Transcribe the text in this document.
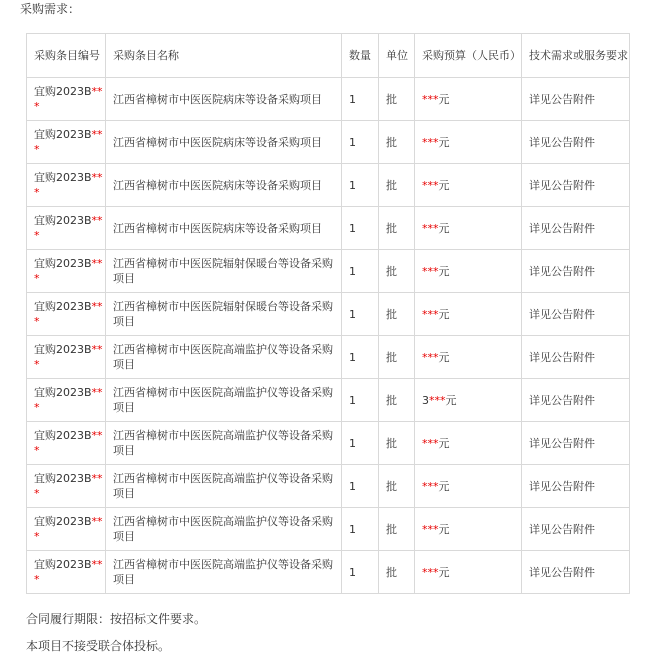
采购需求：
采购条目编号	采购条目名称	数量	单位	采购预算（人民币）	技术需求或服务要求
宜购2023B**
*	江西省樟树市中医医院病床等设备采购项目	1	批	***元	详见公告附件
宜购2023B**
*	江西省樟树市中医医院病床等设备采购项目	1	批	***元	详见公告附件
宜购2023B**
*	江西省樟树市中医医院病床等设备采购项目	1	批	***元	详见公告附件
宜购2023B**
*	江西省樟树市中医医院病床等设备采购项目	1	批	***元	详见公告附件
宜购2023B**
*	江西省樟树市中医医院辐射保暖台等设备采购项目	1	批	***元	详见公告附件
宜购2023B**
*	江西省樟树市中医医院辐射保暖台等设备采购项目	1	批	***元	详见公告附件
宜购2023B**
*	江西省樟树市中医医院高端监护仪等设备采购项目	1	批	***元	详见公告附件
宜购2023B**
*	江西省樟树市中医医院高端监护仪等设备采购项目	1	批	3***元	详见公告附件
宜购2023B**
*	江西省樟树市中医医院高端监护仪等设备采购项目	1	批	***元	详见公告附件
宜购2023B**
*	江西省樟树市中医医院高端监护仪等设备采购项目	1	批	***元	详见公告附件
宜购2023B**
*	江西省樟树市中医医院高端监护仪等设备采购项目	1	批	***元	详见公告附件
宜购2023B**
*	江西省樟树市中医医院高端监护仪等设备采购项目	1	批	***元	详见公告附件
合同履行期限：按招标文件要求。
本项目不接受联合体投标。
